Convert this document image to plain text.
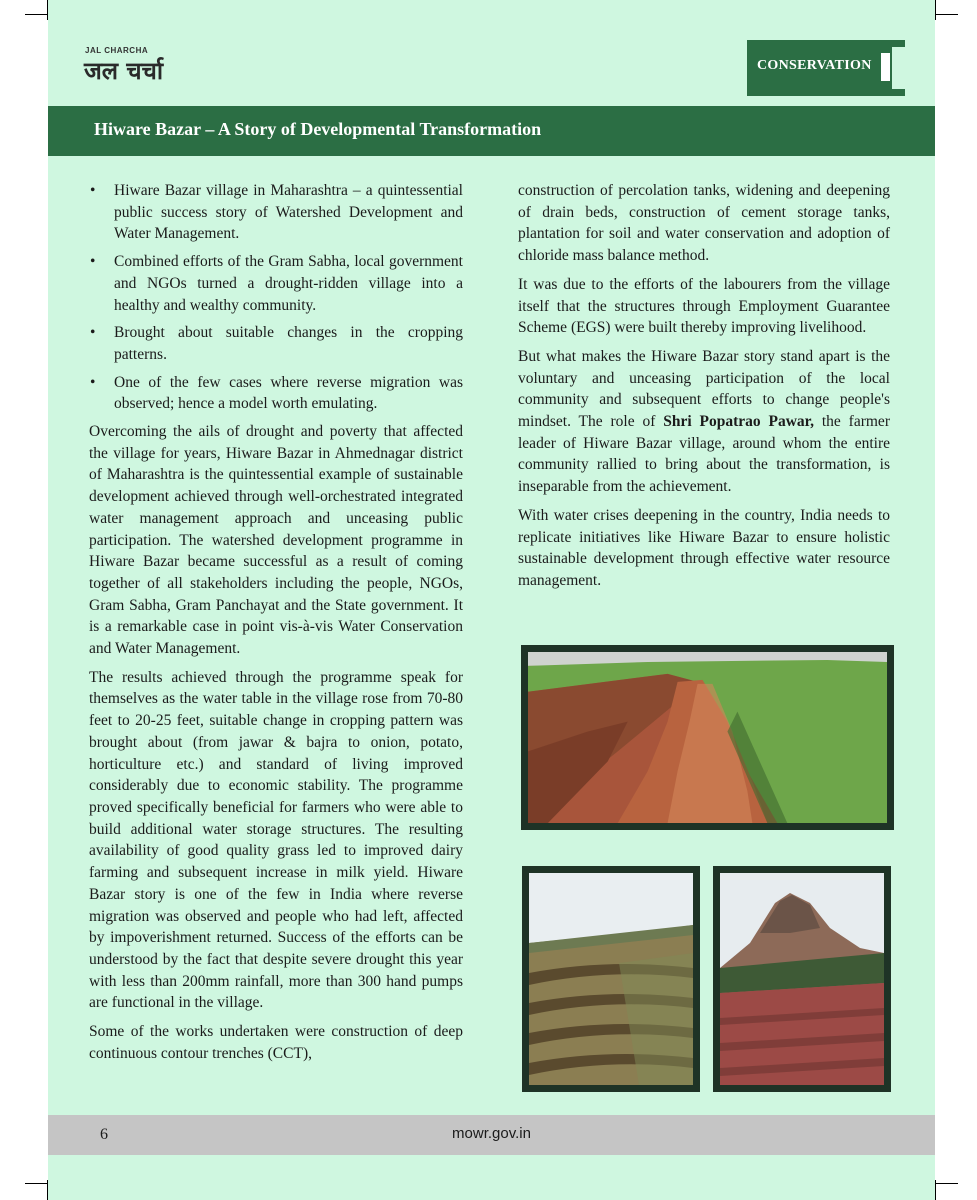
JAL CHARCHA
जल चर्चा	CONSERVATION
Hiware Bazar – A Story of Developmental Transformation
• Hiware Bazar village in Maharashtra – a quintessential public success story of Watershed Development and Water Management.
• Combined efforts of the Gram Sabha, local government and NGOs turned a drought-ridden village into a healthy and wealthy community.
• Brought about suitable changes in the cropping patterns.
• One of the few cases where reverse migration was observed; hence a model worth emulating.

Overcoming the ails of drought and poverty that affected the village for years, Hiware Bazar in Ahmednagar district of Maharashtra is the quintessential example of sustainable development achieved through well-orchestrated integrated water management approach and unceasing public participation. The watershed development programme in Hiware Bazar became successful as a result of coming together of all stakeholders including the people, NGOs, Gram Sabha, Gram Panchayat and the State government. It is a remarkable case in point vis-à-vis Water Conservation and Water Management.

The results achieved through the programme speak for themselves as the water table in the village rose from 70-80 feet to 20-25 feet, suitable change in cropping pattern was brought about (from jawar & bajra to onion, potato, horticulture etc.) and standard of living improved considerably due to economic stability. The programme proved specifically beneficial for farmers who were able to build additional water storage structures. The resulting availability of good quality grass led to improved dairy farming and subsequent increase in milk yield. Hiware Bazar story is one of the few in India where reverse migration was observed and people who had left, affected by impoverishment returned. Success of the efforts can be understood by the fact that despite severe drought this year with less than 200mm rainfall, more than 300 hand pumps are functional in the village.

Some of the works undertaken were construction of deep continuous contour trenches (CCT),

construction of percolation tanks, widening and deepening of drain beds, construction of cement storage tanks, plantation for soil and water conservation and adoption of chloride mass balance method.

It was due to the efforts of the labourers from the village itself that the structures through Employment Guarantee Scheme (EGS) were built thereby improving livelihood.

But what makes the Hiware Bazar story stand apart is the voluntary and unceasing participation of the local community and subsequent efforts to change people's mindset. The role of Shri Popatrao Pawar, the farmer leader of Hiware Bazar village, around whom the entire community rallied to bring about the transformation, is inseparable from the achievement.

With water crises deepening in the country, India needs to replicate initiatives like Hiware Bazar to ensure holistic sustainable development through effective water resource management.

6	mowr.gov.in
